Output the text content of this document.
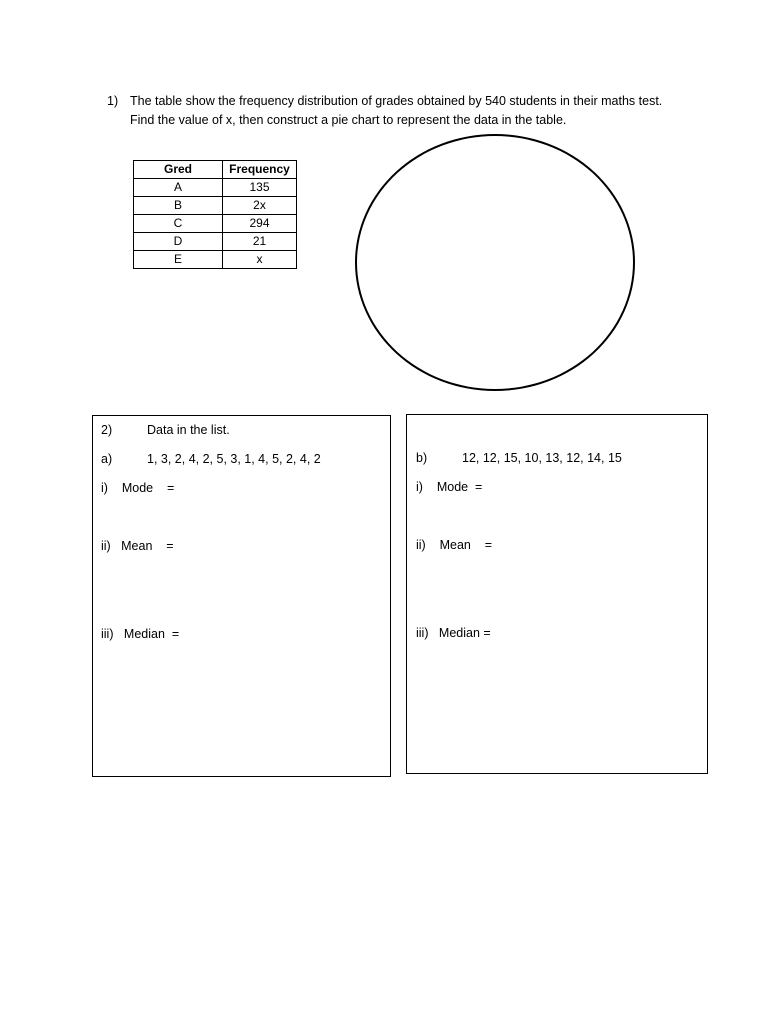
1) The table show the frequency distribution of grades obtained by 540 students in their maths test.
Find the value of x, then construct a pie chart to represent the data in the table.
Gred	Frequency
A	135
B	2x
C	294
D	21
E	x
2)	Data in the list.
a)	1, 3, 2, 4, 2, 5, 3, 1, 4, 5, 2, 4, 2
i)    Mode    =
ii)   Mean    =
iii)   Median  =
b)	12, 12, 15, 10, 13, 12, 14, 15
i)    Mode  =
ii)    Mean    =
iii)   Median =
